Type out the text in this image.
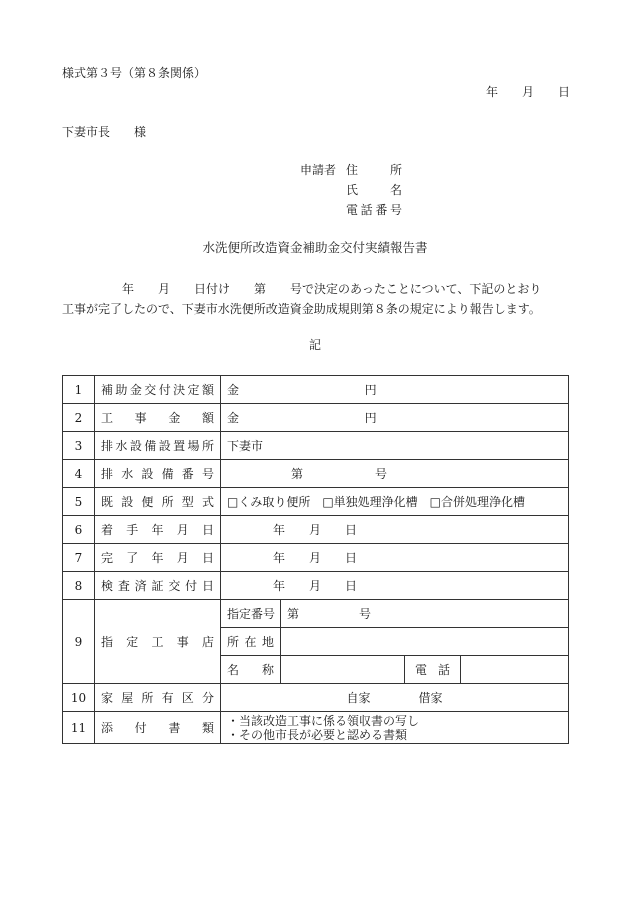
様式第３号（第８条関係）
年　　月　　日
下妻市長　　様
申請者 住　　所
氏　　名
電話番号
水洗便所改造資金補助金交付実績報告書
　　　　　年　　月　　日付け　　第　　号で決定のあったことについて、下記のとおり
工事が完了したので、下妻市水洗便所改造資金助成規則第８条の規定により報告します。
記
1	補助金交付決定額	金 円			
2	工事金額	金 円			
3	排水設備設置場所	下妻市			
4	排水設備番号	第　　　　　　号			
5	既設便所型式	□くみ取り便所　□単独処理浄化槽　□合併処理浄化槽			
6	着手年月日	年　　月　　日			
7	完了年月日	年　　月　　日			
8	検査済証交付日	年　　月　　日			
9	指定工事店	指定番号	第　　　　　号		
		所在地			
		名称		電話	
10	家屋所有区分	自家　　　　借家			
11	添付書類	・当該改造工事に係る領収書の写し
・その他市長が必要と認める書類			
